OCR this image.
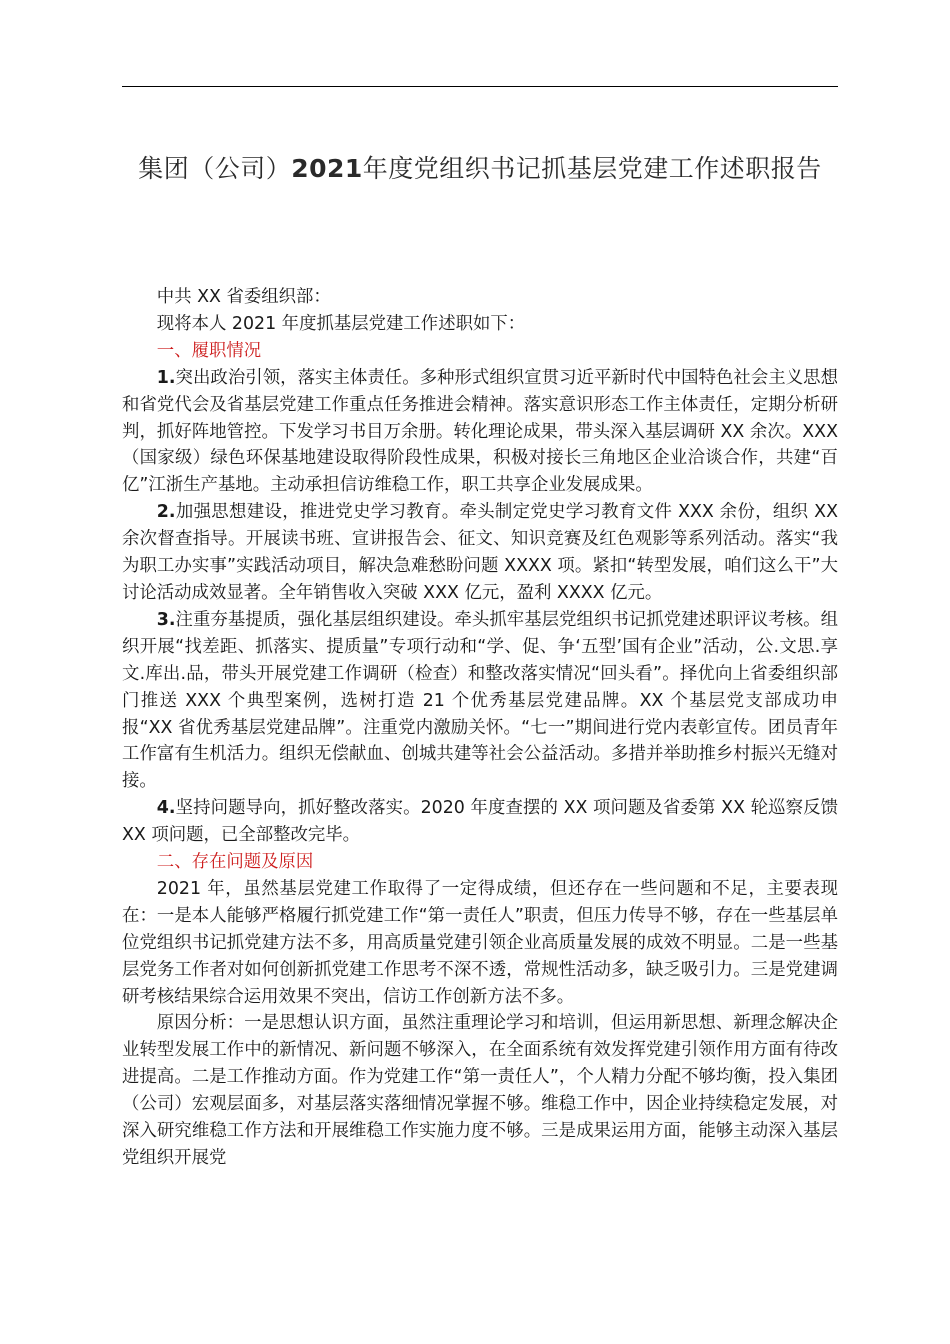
集团（公司）2021年度党组织书记抓基层党建工作述职报告

中共 XX 省委组织部：

现将本人 2021 年度抓基层党建工作述职如下：

一、履职情况

1.突出政治引领，落实主体责任。多种形式组织宣贯习近平新时代中国特色社会主义思想和省党代会及省基层党建工作重点任务推进会精神。落实意识形态工作主体责任，定期分析研判，抓好阵地管控。下发学习书目万余册。转化理论成果，带头深入基层调研 XX 余次。XXX（国家级）绿色环保基地建设取得阶段性成果，积极对接长三角地区企业洽谈合作，共建“百亿”江浙生产基地。主动承担信访维稳工作，职工共享企业发展成果。

2.加强思想建设，推进党史学习教育。牵头制定党史学习教育文件 XXX 余份，组织 XX 余次督查指导。开展读书班、宣讲报告会、征文、知识竞赛及红色观影等系列活动。落实“我为职工办实事”实践活动项目，解决急难愁盼问题 XXXX 项。紧扣“转型发展，咱们这么干”大讨论活动成效显著。全年销售收入突破 XXX 亿元，盈利 XXXX 亿元。

3.注重夯基提质，强化基层组织建设。牵头抓牢基层党组织书记抓党建述职评议考核。组织开展“找差距、抓落实、提质量”专项行动和“学、促、争‘五型’国有企业”活动，公.文思.享文.库出.品，带头开展党建工作调研（检查）和整改落实情况“回头看”。择优向上省委组织部门推送 XXX 个典型案例，选树打造 21 个优秀基层党建品牌。XX 个基层党支部成功申报“XX 省优秀基层党建品牌”。注重党内激励关怀。“七一”期间进行党内表彰宣传。团员青年工作富有生机活力。组织无偿献血、创城共建等社会公益活动。多措并举助推乡村振兴无缝对接。

4.坚持问题导向，抓好整改落实。2020 年度查摆的 XX 项问题及省委第 XX 轮巡察反馈 XX 项问题，已全部整改完毕。

二、存在问题及原因

2021 年，虽然基层党建工作取得了一定得成绩，但还存在一些问题和不足，主要表现在：一是本人能够严格履行抓党建工作“第一责任人”职责，但压力传导不够，存在一些基层单位党组织书记抓党建方法不多，用高质量党建引领企业高质量发展的成效不明显。二是一些基层党务工作者对如何创新抓党建工作思考不深不透，常规性活动多，缺乏吸引力。三是党建调研考核结果综合运用效果不突出，信访工作创新方法不多。

原因分析：一是思想认识方面，虽然注重理论学习和培训，但运用新思想、新理念解决企业转型发展工作中的新情况、新问题不够深入，在全面系统有效发挥党建引领作用方面有待改进提高。二是工作推动方面。作为党建工作“第一责任人”，个人精力分配不够均衡，投入集团（公司）宏观层面多，对基层落实落细情况掌握不够。维稳工作中，因企业持续稳定发展，对深入研究维稳工作方法和开展维稳工作实施力度不够。三是成果运用方面，能够主动深入基层党组织开展党
